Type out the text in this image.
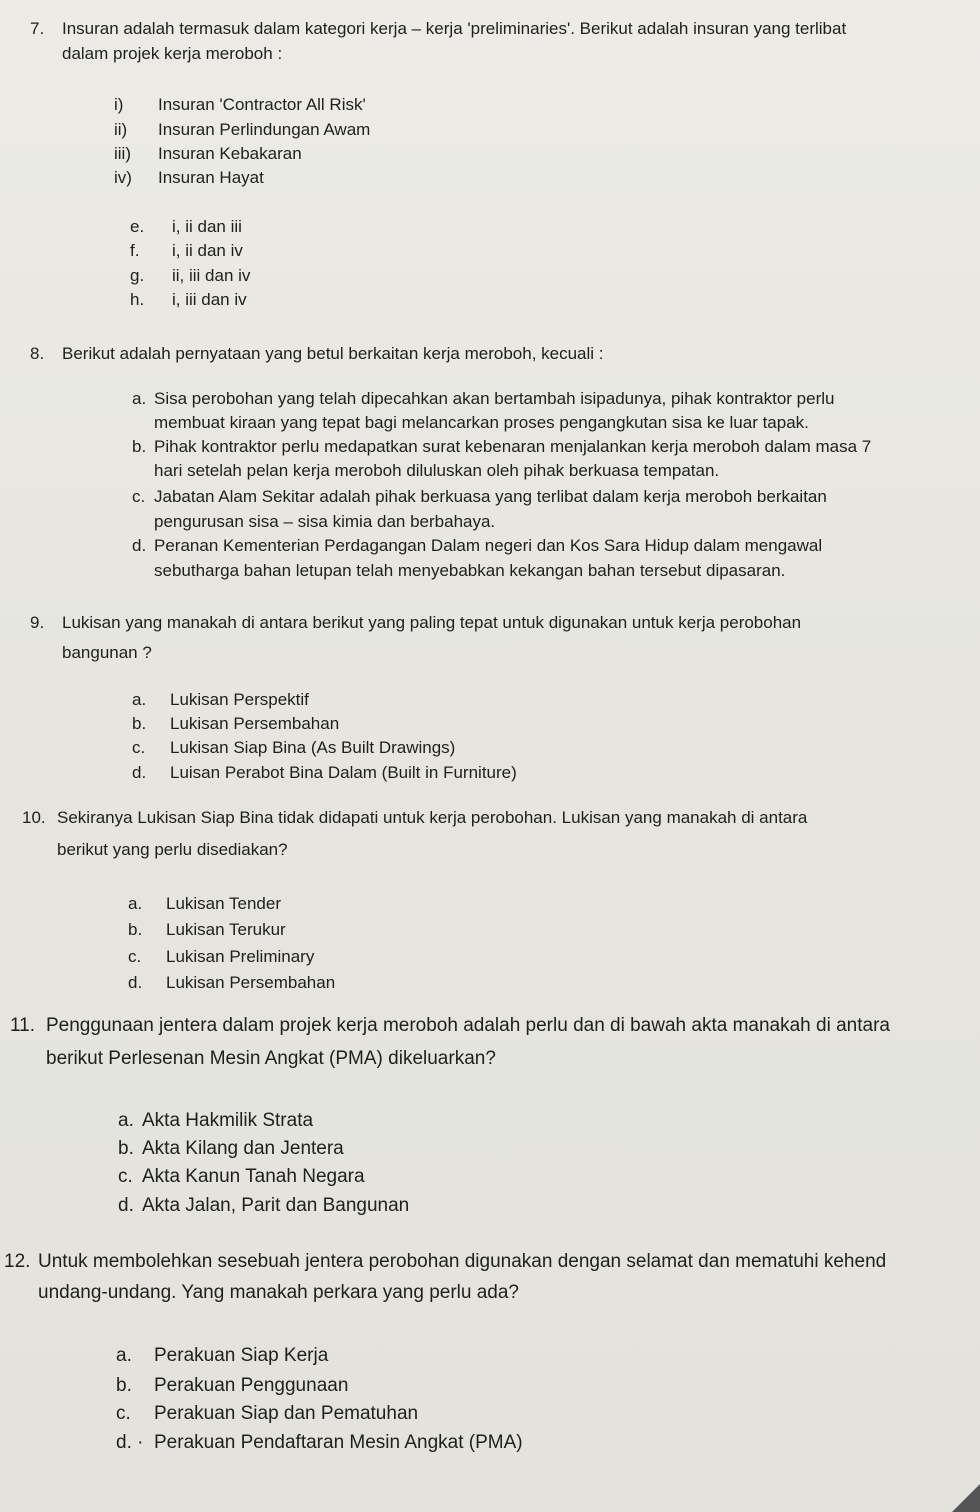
7. Insuran adalah termasuk dalam kategori kerja – kerja 'preliminaries'. Berikut adalah insuran yang terlibat
dalam projek kerja meroboh :
i) Insuran 'Contractor All Risk'
ii) Insuran Perlindungan Awam
iii) Insuran Kebakaran
iv) Insuran Hayat
e. i, ii dan iii
f. i, ii dan iv
g. ii, iii dan iv
h. i, iii dan iv
8. Berikut adalah pernyataan yang betul berkaitan kerja meroboh, kecuali :
a. Sisa perobohan yang telah dipecahkan akan bertambah isipadunya, pihak kontraktor perlu
membuat kiraan yang tepat bagi melancarkan proses pengangkutan sisa ke luar tapak.
b. Pihak kontraktor perlu medapatkan surat kebenaran menjalankan kerja meroboh dalam masa 7
hari setelah pelan kerja meroboh diluluskan oleh pihak berkuasa tempatan.
c. Jabatan Alam Sekitar adalah pihak berkuasa yang terlibat dalam kerja meroboh berkaitan
pengurusan sisa – sisa kimia dan berbahaya.
d. Peranan Kementerian Perdagangan Dalam negeri dan Kos Sara Hidup dalam mengawal
sebutharga bahan letupan telah menyebabkan kekangan bahan tersebut dipasaran.
9. Lukisan yang manakah di antara berikut yang paling tepat untuk digunakan untuk kerja perobohan
bangunan ?
a. Lukisan Perspektif
b. Lukisan Persembahan
c. Lukisan Siap Bina (As Built Drawings)
d. Luisan Perabot Bina Dalam (Built in Furniture)
10. Sekiranya Lukisan Siap Bina tidak didapati untuk kerja perobohan. Lukisan yang manakah di antara
berikut yang perlu disediakan?
a. Lukisan Tender
b. Lukisan Terukur
c. Lukisan Preliminary
d. Lukisan Persembahan
11. Penggunaan jentera dalam projek kerja meroboh adalah perlu dan di bawah akta manakah di antara
berikut Perlesenan Mesin Angkat (PMA) dikeluarkan?
a. Akta Hakmilik Strata
b. Akta Kilang dan Jentera
c. Akta Kanun Tanah Negara
d. Akta Jalan, Parit dan Bangunan
12. Untuk membolehkan sesebuah jentera perobohan digunakan dengan selamat dan mematuhi kehend
undang-undang. Yang manakah perkara yang perlu ada?
a. Perakuan Siap Kerja
b. Perakuan Penggunaan
c. Perakuan Siap dan Pematuhan
d. · Perakuan Pendaftaran Mesin Angkat (PMA)
